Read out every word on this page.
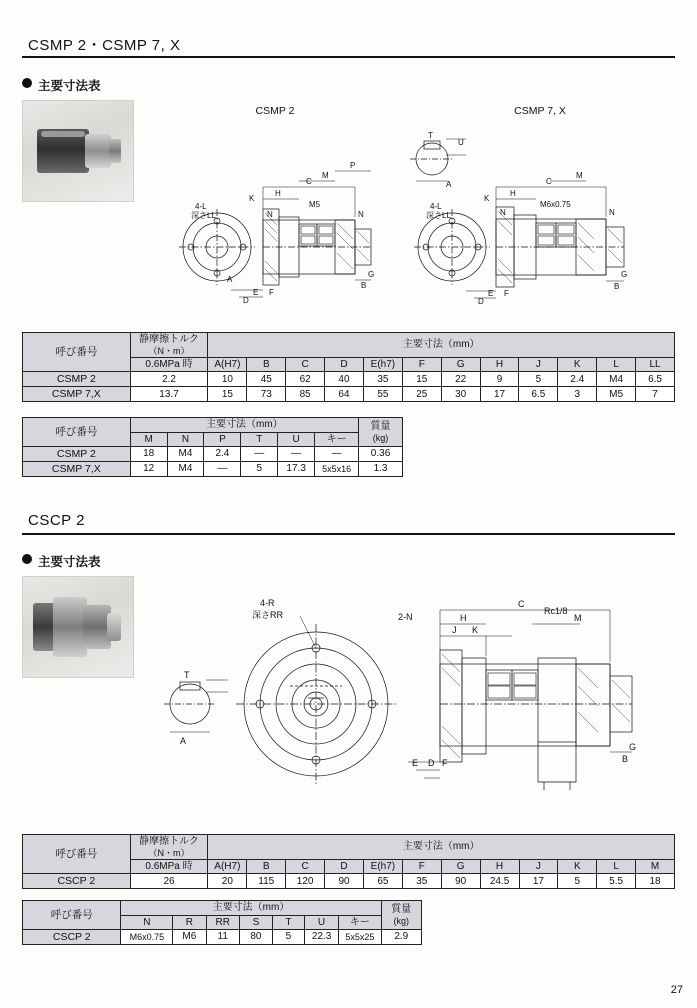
CSMP 2・CSMP 7, X
主要寸法表
CSMP 2	CSMP 7, X
C
H
M
P
M5
K
N	N
4-L
深さLL
F
E
D
A
G
B
C
H
M
M6x0.75
K
N	N
T
U
A
4-L
深さLL
F
E
D
G
B
呼び番号	静摩擦トルク
（N・m）	主要寸法（mm）											
	0.6MPa 時	A(H7)	B	C	D	E(h7)	F	G	H	J	K	L	LL
CSMP 2	2.2	10	45	62	40	35	15	22	9	5	2.4	M4	6.5
CSMP 7,X	13.7	15	73	85	64	55	25	30	17	6.5	3	M5	7
呼び番号	主要寸法（mm）						質量
(kg)

	M	N	P	T	U	キー	
CSMP 2	18	M4	2.4	—	—	—	0.36
CSMP 7,X	12	M4	—	5	17.3	5x5x16	1.3
CSCP 2
主要寸法表
4-R
深さRR
T
A
C
H
K
Rc1/8
M
J
2-N
D
E	F
G
B
呼び番号	静摩擦トルク
（N・m）	主要寸法（mm）											
	0.6MPa 時	A(H7)	B	C	D	E(h7)	F	G	H	J	K	L	M
CSCP 2	26	20	115	120	90	65	35	90	24.5	17	5	5.5	18
呼び番号	主要寸法（mm）							質量
(kg)

	N	R	RR	S	T	U	キー	
CSCP 2	M6x0.75	M6	11	80	5	22.3	5x5x25	2.9
27
